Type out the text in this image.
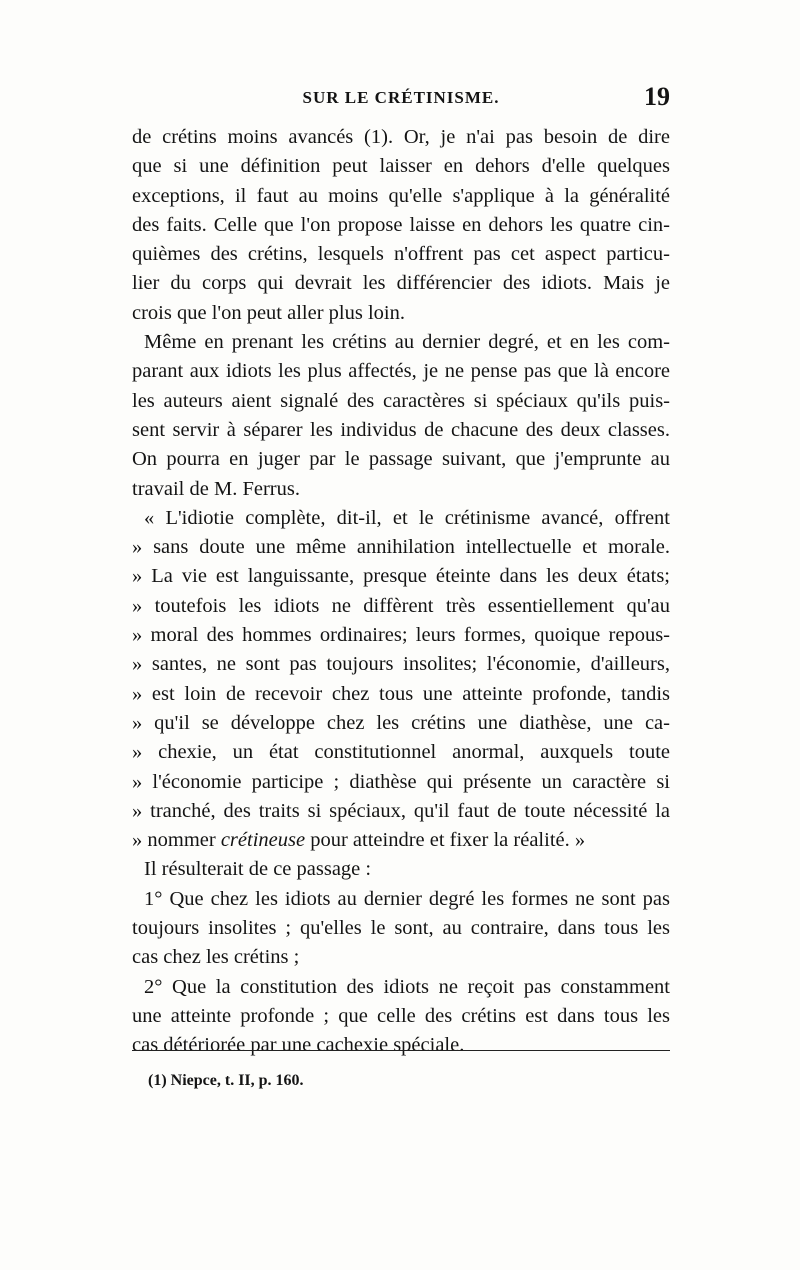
SUR LE CRÉTINISME.	19
de crétins moins avancés (1). Or, je n'ai pas besoin de dire
que si une définition peut laisser en dehors d'elle quelques
exceptions, il faut au moins qu'elle s'applique à la généralité
des faits. Celle que l'on propose laisse en dehors les quatre cin-
quièmes des crétins, lesquels n'offrent pas cet aspect particu-
lier du corps qui devrait les différencier des idiots. Mais je
crois que l'on peut aller plus loin.
Même en prenant les crétins au dernier degré, et en les com-
parant aux idiots les plus affectés, je ne pense pas que là encore
les auteurs aient signalé des caractères si spéciaux qu'ils puis-
sent servir à séparer les individus de chacune des deux classes.
On pourra en juger par le passage suivant, que j'emprunte au
travail de M. Ferrus.
« L'idiotie complète, dit-il, et le crétinisme avancé, offrent
» sans doute une même annihilation intellectuelle et morale.
» La vie est languissante, presque éteinte dans les deux états;
» toutefois les idiots ne diffèrent très essentiellement qu'au
» moral des hommes ordinaires; leurs formes, quoique repous-
» santes, ne sont pas toujours insolites; l'économie, d'ailleurs,
» est loin de recevoir chez tous une atteinte profonde, tandis
» qu'il se développe chez les crétins une diathèse, une ca-
» chexie, un état constitutionnel anormal, auxquels toute
» l'économie participe ; diathèse qui présente un caractère si
» tranché, des traits si spéciaux, qu'il faut de toute nécessité la
» nommer crétineuse pour atteindre et fixer la réalité. »
Il résulterait de ce passage :
1° Que chez les idiots au dernier degré les formes ne sont pas
toujours insolites ; qu'elles le sont, au contraire, dans tous les
cas chez les crétins ;
2° Que la constitution des idiots ne reçoit pas constamment
une atteinte profonde ; que celle des crétins est dans tous les
cas détériorée par une cachexie spéciale.
(1) Niepce, t. II, p. 160.
